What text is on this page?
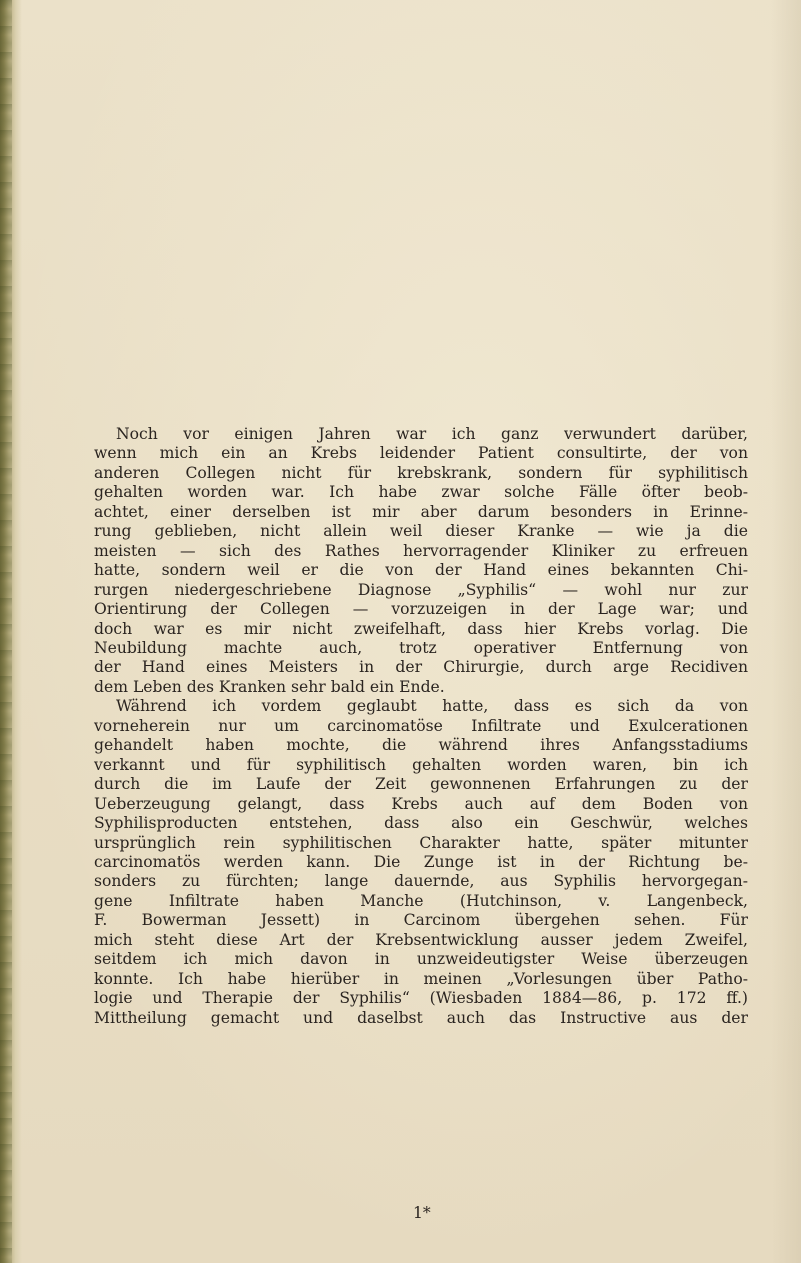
Noch vor einigen Jahren war ich ganz verwundert darüber,
wenn mich ein an Krebs leidender Patient consultirte, der von
anderen Collegen nicht für krebskrank, sondern für syphilitisch
gehalten worden war. Ich habe zwar solche Fälle öfter beob-
achtet, einer derselben ist mir aber darum besonders in Erinne-
rung geblieben, nicht allein weil dieser Kranke — wie ja die
meisten — sich des Rathes hervorragender Kliniker zu erfreuen
hatte, sondern weil er die von der Hand eines bekannten Chi-
rurgen niedergeschriebene Diagnose „Syphilis“ — wohl nur zur
Orientirung der Collegen — vorzuzeigen in der Lage war; und
doch war es mir nicht zweifelhaft, dass hier Krebs vorlag. Die
Neubildung machte auch, trotz operativer Entfernung von
der Hand eines Meisters in der Chirurgie, durch arge Recidiven
dem Leben des Kranken sehr bald ein Ende.
Während ich vordem geglaubt hatte, dass es sich da von
vorneherein nur um carcinomatöse Infiltrate und Exulcerationen
gehandelt haben mochte, die während ihres Anfangsstadiums
verkannt und für syphilitisch gehalten worden waren, bin ich
durch die im Laufe der Zeit gewonnenen Erfahrungen zu der
Ueberzeugung gelangt, dass Krebs auch auf dem Boden von
Syphilisproducten entstehen, dass also ein Geschwür, welches
ursprünglich rein syphilitischen Charakter hatte, später mitunter
carcinomatös werden kann. Die Zunge ist in der Richtung be-
sonders zu fürchten; lange dauernde, aus Syphilis hervorgegan-
gene Infiltrate haben Manche (Hutchinson, v. Langenbeck,
F. Bowerman Jessett) in Carcinom übergehen sehen. Für
mich steht diese Art der Krebsentwicklung ausser jedem Zweifel,
seitdem ich mich davon in unzweideutigster Weise überzeugen
konnte. Ich habe hierüber in meinen „Vorlesungen über Patho-
logie und Therapie der Syphilis“ (Wiesbaden 1884—86, p. 172 ff.)
Mittheilung gemacht und daselbst auch das Instructive aus der
1*
